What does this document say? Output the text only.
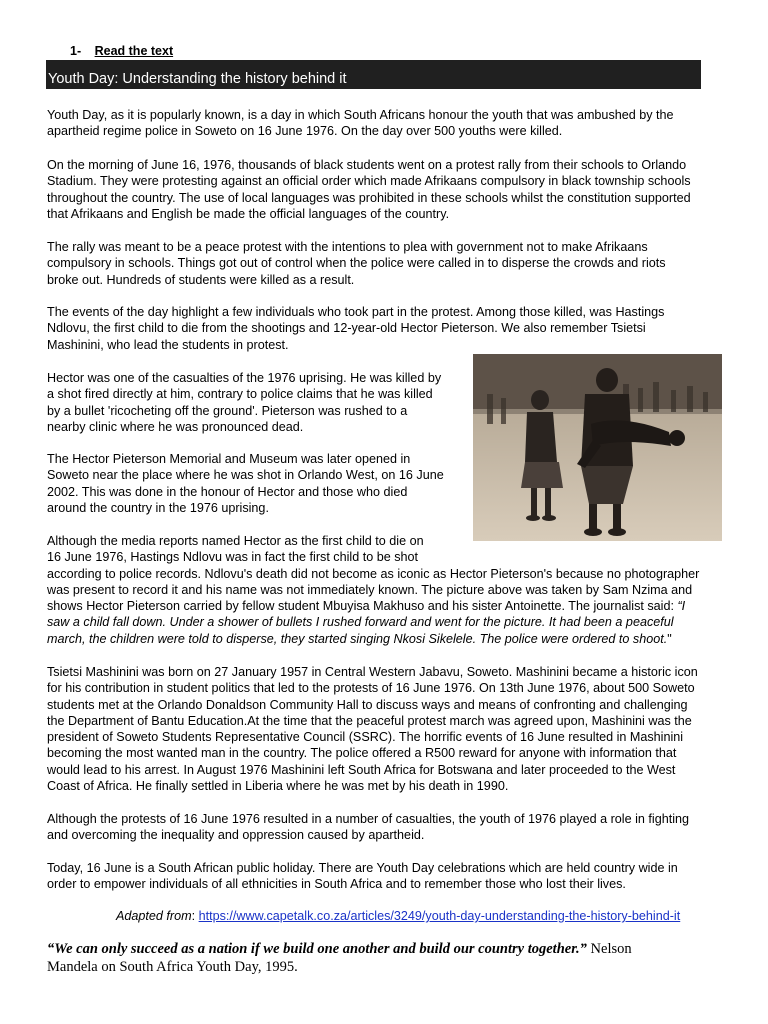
1- Read the text
Youth Day: Understanding the history behind it

Youth Day, as it is popularly known, is a day in which South Africans honour the youth that was ambushed by the
apartheid regime police in Soweto on 16 June 1976. On the day over 500 youths were killed.

On the morning of June 16, 1976, thousands of black students went on a protest rally from their schools to Orlando
Stadium. They were protesting against an official order which made Afrikaans compulsory in black township schools
throughout the country. The use of local languages was prohibited in these schools whilst the constitution supported
that Afrikaans and English be made the official languages of the country.

The rally was meant to be a peace protest with the intentions to plea with government not to make Afrikaans
compulsory in schools. Things got out of control when the police were called in to disperse the crowds and riots
broke out. Hundreds of students were killed as a result.

The events of the day highlight a few individuals who took part in the protest. Among those killed, was Hastings
Ndlovu, the first child to die from the shootings and 12-year-old Hector Pieterson. We also remember Tsietsi
Mashinini, who lead the students in protest.

Hector was one of the casualties of the 1976 uprising. He was killed by
a shot fired directly at him, contrary to police claims that he was killed
by a bullet 'ricocheting off the ground'. Pieterson was rushed to a
nearby clinic where he was pronounced dead.

The Hector Pieterson Memorial and Museum was later opened in
Soweto near the place where he was shot in Orlando West, on 16 June
2002. This was done in the honour of Hector and those who died
around the country in the 1976 uprising.

Although the media reports named Hector as the first child to die on
16 June 1976, Hastings Ndlovu was in fact the first child to be shot
according to police records. Ndlovu's death did not become as iconic as Hector Pieterson's because no photographer
was present to record it and his name was not immediately known. The picture above was taken by Sam Nzima and
shows Hector Pieterson carried by fellow student Mbuyisa Makhuso and his sister Antoinette. The journalist said: “I
saw a child fall down. Under a shower of bullets I rushed forward and went for the picture. It had been a peaceful
march, the children were told to disperse, they started singing Nkosi Sikelele. The police were ordered to shoot."

Tsietsi Mashinini was born on 27 January 1957 in Central Western Jabavu, Soweto. Mashinini became a historic icon
for his contribution in student politics that led to the protests of 16 June 1976. On 13th June 1976, about 500 Soweto
students met at the Orlando Donaldson Community Hall to discuss ways and means of confronting and challenging
the Department of Bantu Education.At the time that the peaceful protest march was agreed upon, Mashinini was the
president of Soweto Students Representative Council (SSRC). The horrific events of 16 June resulted in Mashinini
becoming the most wanted man in the country. The police offered a R500 reward for anyone with information that
would lead to his arrest. In August 1976 Mashinini left South Africa for Botswana and later proceeded to the West
Coast of Africa. He finally settled in Liberia where he was met by his death in 1990.

Although the protests of 16 June 1976 resulted in a number of casualties, the youth of 1976 played a role in fighting
and overcoming the inequality and oppression caused by apartheid.

Today, 16 June is a South African public holiday. There are Youth Day celebrations which are held country wide in
order to empower individuals of all ethnicities in South Africa and to remember those who lost their lives.

Adapted from: https://www.capetalk.co.za/articles/3249/youth-day-understanding-the-history-behind-it
“We can only succeed as a nation if we build one another and build our country together.” Nelson
Mandela on South Africa Youth Day, 1995.
